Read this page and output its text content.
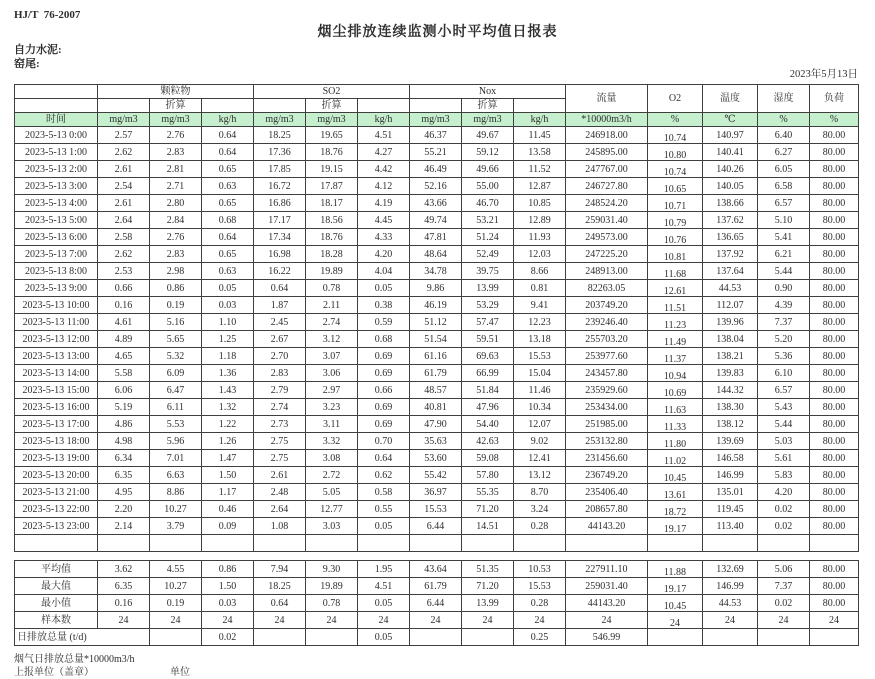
HJ/T  76-2007
烟尘排放连续监测小时平均值日报表
自力水泥:
窑尾:
2023年5月13日
	颗粒物			SO2			Nox			流量	O2	温度	湿度	负荷
		折算			折算			折算						
时间	mg/m3	mg/m3	kg/h	mg/m3	mg/m3	kg/h	mg/m3	mg/m3	kg/h	*10000m3/h	%	℃	%	%
2023-5-13 0:00	2.57	2.76	0.64	18.25	19.65	4.51	46.37	49.67	11.45	246918.00	10.74	140.97	6.40	80.00
2023-5-13 1:00	2.62	2.83	0.64	17.36	18.76	4.27	55.21	59.12	13.58	245895.00	10.80	140.41	6.27	80.00
2023-5-13 2:00	2.61	2.81	0.65	17.85	19.15	4.42	46.49	49.66	11.52	247767.00	10.74	140.26	6.05	80.00
2023-5-13 3:00	2.54	2.71	0.63	16.72	17.87	4.12	52.16	55.00	12.87	246727.80	10.65	140.05	6.58	80.00
2023-5-13 4:00	2.61	2.80	0.65	16.86	18.17	4.19	43.66	46.70	10.85	248524.20	10.71	138.66	6.57	80.00
2023-5-13 5:00	2.64	2.84	0.68	17.17	18.56	4.45	49.74	53.21	12.89	259031.40	10.79	137.62	5.10	80.00
2023-5-13 6:00	2.58	2.76	0.64	17.34	18.76	4.33	47.81	51.24	11.93	249573.00	10.76	136.65	5.41	80.00
2023-5-13 7:00	2.62	2.83	0.65	16.98	18.28	4.20	48.64	52.49	12.03	247225.20	10.81	137.92	6.21	80.00
2023-5-13 8:00	2.53	2.98	0.63	16.22	19.89	4.04	34.78	39.75	8.66	248913.00	11.68	137.64	5.44	80.00
2023-5-13 9:00	0.66	0.86	0.05	0.64	0.78	0.05	9.86	13.99	0.81	82263.05	12.61	44.53	0.90	80.00
2023-5-13 10:00	0.16	0.19	0.03	1.87	2.11	0.38	46.19	53.29	9.41	203749.20	11.51	112.07	4.39	80.00
2023-5-13 11:00	4.61	5.16	1.10	2.45	2.74	0.59	51.12	57.47	12.23	239246.40	11.23	139.96	7.37	80.00
2023-5-13 12:00	4.89	5.65	1.25	2.67	3.12	0.68	51.54	59.51	13.18	255703.20	11.49	138.04	5.20	80.00
2023-5-13 13:00	4.65	5.32	1.18	2.70	3.07	0.69	61.16	69.63	15.53	253977.60	11.37	138.21	5.36	80.00
2023-5-13 14:00	5.58	6.09	1.36	2.83	3.06	0.69	61.79	66.99	15.04	243457.80	10.94	139.83	6.10	80.00
2023-5-13 15:00	6.06	6.47	1.43	2.79	2.97	0.66	48.57	51.84	11.46	235929.60	10.69	144.32	6.57	80.00
2023-5-13 16:00	5.19	6.11	1.32	2.74	3.23	0.69	40.81	47.96	10.34	253434.00	11.63	138.30	5.43	80.00
2023-5-13 17:00	4.86	5.53	1.22	2.73	3.11	0.69	47.90	54.40	12.07	251985.00	11.33	138.12	5.44	80.00
2023-5-13 18:00	4.98	5.96	1.26	2.75	3.32	0.70	35.63	42.63	9.02	253132.80	11.80	139.69	5.03	80.00
2023-5-13 19:00	6.34	7.01	1.47	2.75	3.08	0.64	53.60	59.08	12.41	231456.60	11.02	146.58	5.61	80.00
2023-5-13 20:00	6.35	6.63	1.50	2.61	2.72	0.62	55.42	57.80	13.12	236749.20	10.45	146.99	5.83	80.00
2023-5-13 21:00	4.95	8.86	1.17	2.48	5.05	0.58	36.97	55.35	8.70	235406.40	13.61	135.01	4.20	80.00
2023-5-13 22:00	2.20	10.27	0.46	2.64	12.77	0.55	15.53	71.20	3.24	208657.80	18.72	119.45	0.02	80.00
2023-5-13 23:00	2.14	3.79	0.09	1.08	3.03	0.05	6.44	14.51	0.28	44143.20	19.17	113.40	0.02	80.00

平均值	3.62	4.55	0.86	7.94	9.30	1.95	43.64	51.35	10.53	227911.10	11.88	132.69	5.06	80.00
最大值	6.35	10.27	1.50	18.25	19.89	4.51	61.79	71.20	15.53	259031.40	19.17	146.99	7.37	80.00
最小值	0.16	0.19	0.03	0.64	0.78	0.05	6.44	13.99	0.28	44143.20	10.45	44.53	0.02	80.00
样本数	24	24	24	24	24	24	24	24	24	24	24	24	24	24
日排放总量 (t/d)			0.02			0.05			0.25	546.99				
烟气日排放总量*10000m3/h
上报单位（盖章）	单位
